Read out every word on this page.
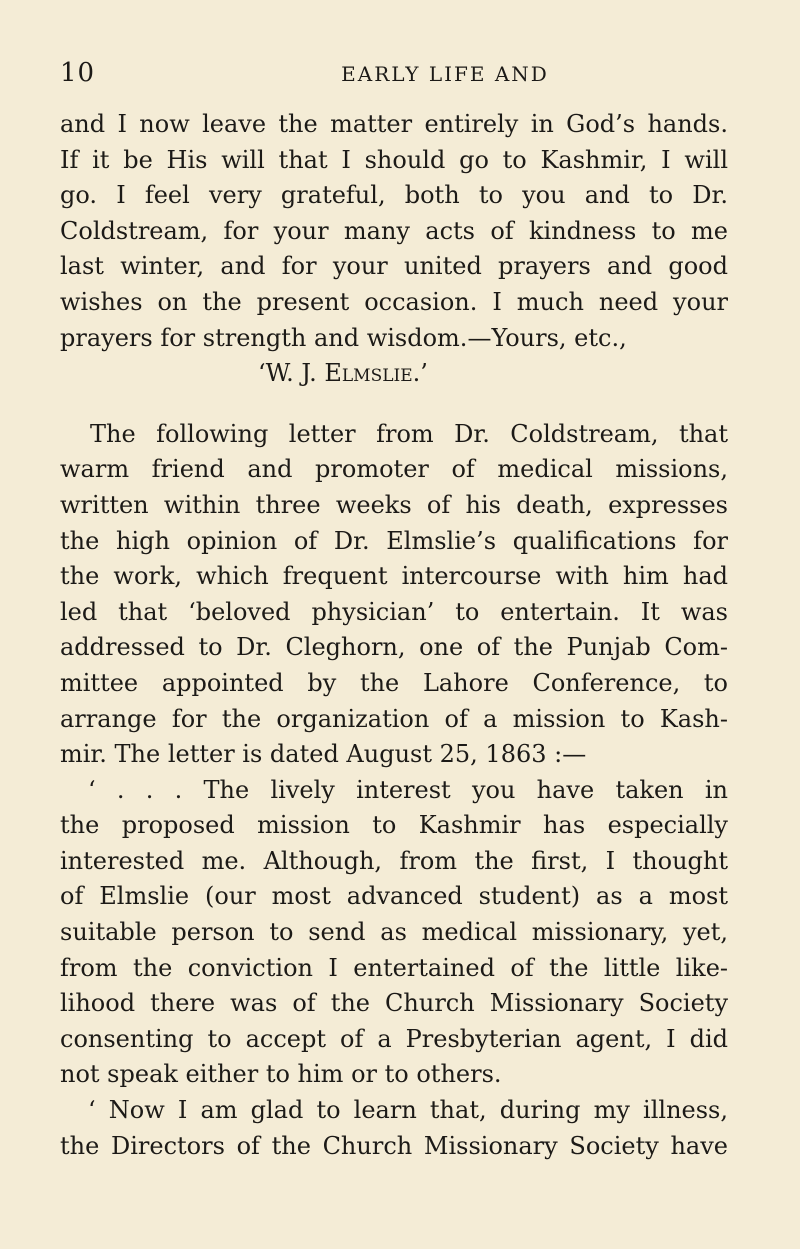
10	EARLY LIFE AND
and I now leave the matter entirely in God’s hands.
If it be His will that I should go to Kashmir, I will
go. I feel very grateful, both to you and to Dr.
Coldstream, for your many acts of kindness to me
last winter, and for your united prayers and good
wishes on the present occasion. I much need your
prayers for strength and wisdom.—Yours, etc.,
‘W. J. Elmslie.’
The following letter from Dr. Coldstream, that
warm friend and promoter of medical missions,
written within three weeks of his death, expresses
the high opinion of Dr. Elmslie’s qualifications for
the work, which frequent intercourse with him had
led that ‘beloved physician’ to entertain. It was
addressed to Dr. Cleghorn, one of the Punjab Com-
mittee appointed by the Lahore Conference, to
arrange for the organization of a mission to Kash-
mir. The letter is dated August 25, 1863 :—
‘ . . . The lively interest you have taken in
the proposed mission to Kashmir has especially
interested me. Although, from the first, I thought
of Elmslie (our most advanced student) as a most
suitable person to send as medical missionary, yet,
from the conviction I entertained of the little like-
lihood there was of the Church Missionary Society
consenting to accept of a Presbyterian agent, I did
not speak either to him or to others.
‘ Now I am glad to learn that, during my illness,
the Directors of the Church Missionary Society have
